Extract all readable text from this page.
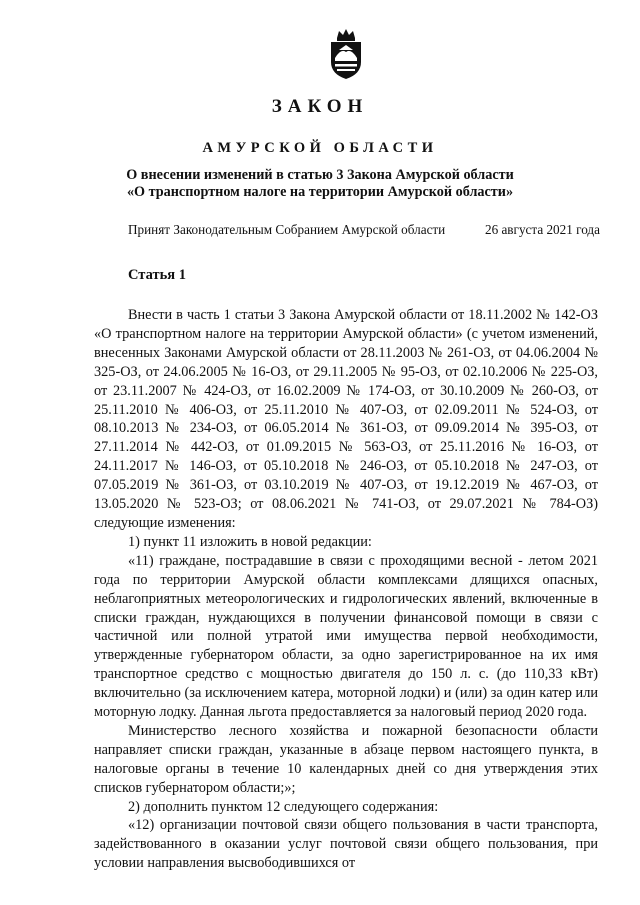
ЗАКОН
АМУРСКОЙ ОБЛАСТИ
О внесении изменений в статью 3 Закона Амурской области
«О транспортном налоге на территории Амурской области»
Принят Законодательным Собранием Амурской области	26 августа 2021 года
Статья 1

Внести в часть 1 статьи 3 Закона Амурской области от 18.11.2002 № 142-ОЗ «О транспортном налоге на территории Амурской области» (с учетом изменений, внесенных Законами Амурской области от 28.11.2003 № 261-ОЗ, от 04.06.2004 № 325-ОЗ, от 24.06.2005 № 16-ОЗ, от 29.11.2005 № 95-ОЗ, от 02.10.2006 № 225-ОЗ, от 23.11.2007 № 424-ОЗ, от 16.02.2009 № 174-ОЗ, от 30.10.2009 № 260-ОЗ, от 25.11.2010 № 406-ОЗ, от 25.11.2010 № 407-ОЗ, от 02.09.2011 № 524-ОЗ, от 08.10.2013 № 234-ОЗ, от 06.05.2014 № 361-ОЗ, от 09.09.2014 № 395-ОЗ, от 27.11.2014 № 442-ОЗ, от 01.09.2015 № 563-ОЗ, от 25.11.2016 № 16-ОЗ, от 24.11.2017 № 146-ОЗ, от 05.10.2018 № 246-ОЗ, от 05.10.2018 № 247-ОЗ, от 07.05.2019 № 361-ОЗ, от 03.10.2019 № 407-ОЗ, от 19.12.2019 № 467-ОЗ, от 13.05.2020 № 523-ОЗ; от 08.06.2021 № 741-ОЗ, от 29.07.2021 № 784-ОЗ) следующие изменения:

1) пункт 11 изложить в новой редакции:

«11) граждане, пострадавшие в связи с проходящими весной - летом 2021 года по территории Амурской области комплексами длящихся опасных, неблагоприятных метеорологических и гидрологических явлений, включенные в списки граждан, нуждающихся в получении финансовой помощи в связи с частичной или полной утратой ими имущества первой необходимости, утвержденные губернатором области, за одно зарегистрированное на их имя транспортное средство с мощностью двигателя до 150 л. с. (до 110,33 кВт) включительно (за исключением катера, моторной лодки) и (или) за один катер или моторную лодку. Данная льгота предоставляется за налоговый период 2020 года.

Министерство лесного хозяйства и пожарной безопасности области направляет списки граждан, указанные в абзаце первом настоящего пункта, в налоговые органы в течение 10 календарных дней со дня утверждения этих списков губернатором области;»;

2) дополнить пунктом 12 следующего содержания:

«12) организации почтовой связи общего пользования в части транспорта, задействованного в оказании услуг почтовой связи общего пользования, при условии направления высвободившихся от
